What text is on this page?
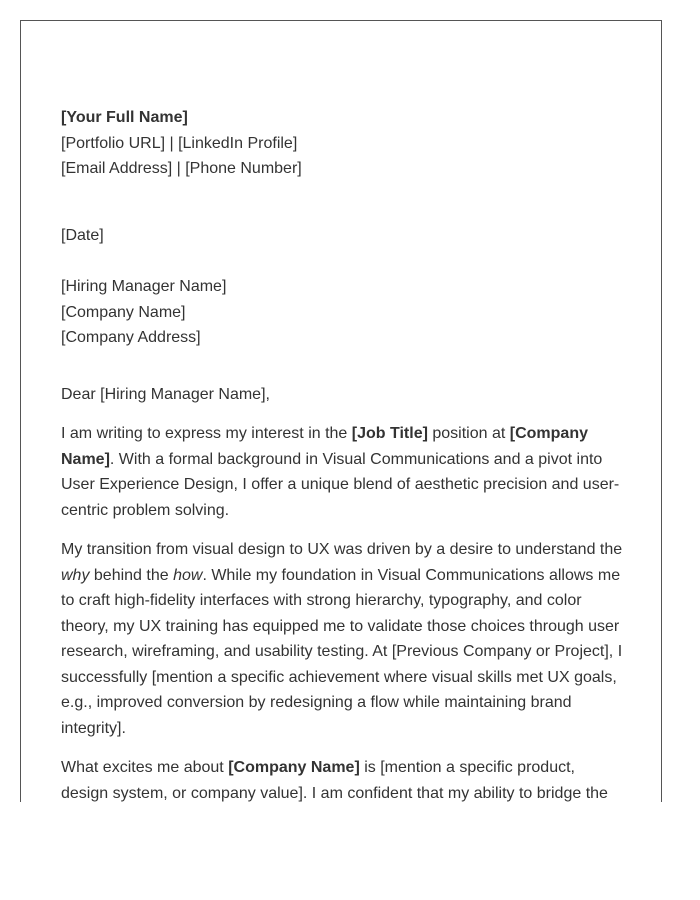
[Your Full Name]
[Portfolio URL] | [LinkedIn Profile]
[Email Address] | [Phone Number]
[Date]
[Hiring Manager Name]
[Company Name]
[Company Address]

Dear [Hiring Manager Name],

I am writing to express my interest in the [Job Title] position at [Company Name]. With a formal background in Visual Communications and a pivot into User Experience Design, I offer a unique blend of aesthetic precision and user-centric problem solving.

My transition from visual design to UX was driven by a desire to understand the why behind the how. While my foundation in Visual Communications allows me to craft high-fidelity interfaces with strong hierarchy, typography, and color theory, my UX training has equipped me to validate those choices through user research, wireframing, and usability testing. At [Previous Company or Project], I successfully [mention a specific achievement where visual skills met UX goals, e.g., improved conversion by redesigning a flow while maintaining brand integrity].

What excites me about [Company Name] is [mention a specific product, design system, or company value]. I am confident that my ability to bridge the
